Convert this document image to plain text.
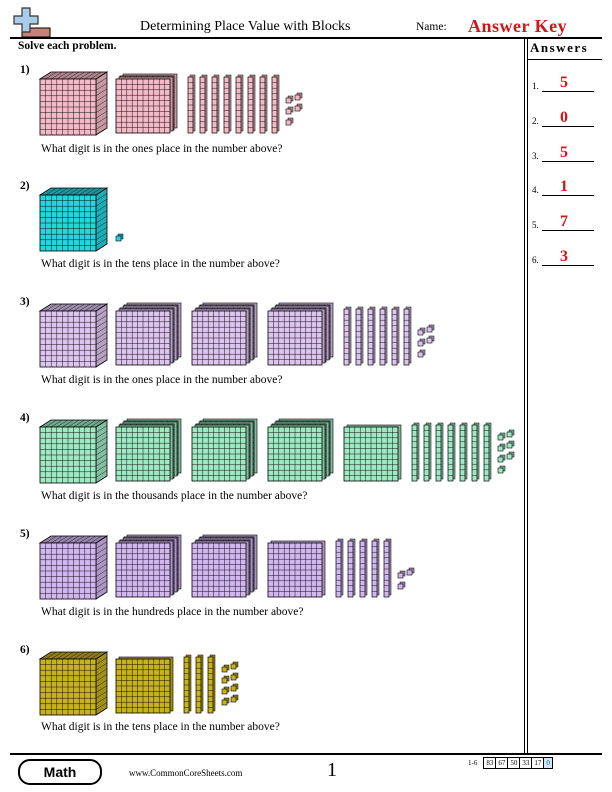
Determining Place Value with Blocks	Name: Answer Key
Solve each problem.	Answers
1. 5
2. 0
3. 5
4. 1
5. 7
6. 3
1)
What digit is in the ones place in the number above?
2)
What digit is in the tens place in the number above?
3)
What digit is in the ones place in the number above?
4)
What digit is in the thousands place in the number above?
5)
What digit is in the hundreds place in the number above?
6)
What digit is in the tens place in the number above?
Math	www.CommonCoreSheets.com	1	1-6	83	67	50	33	17	0
